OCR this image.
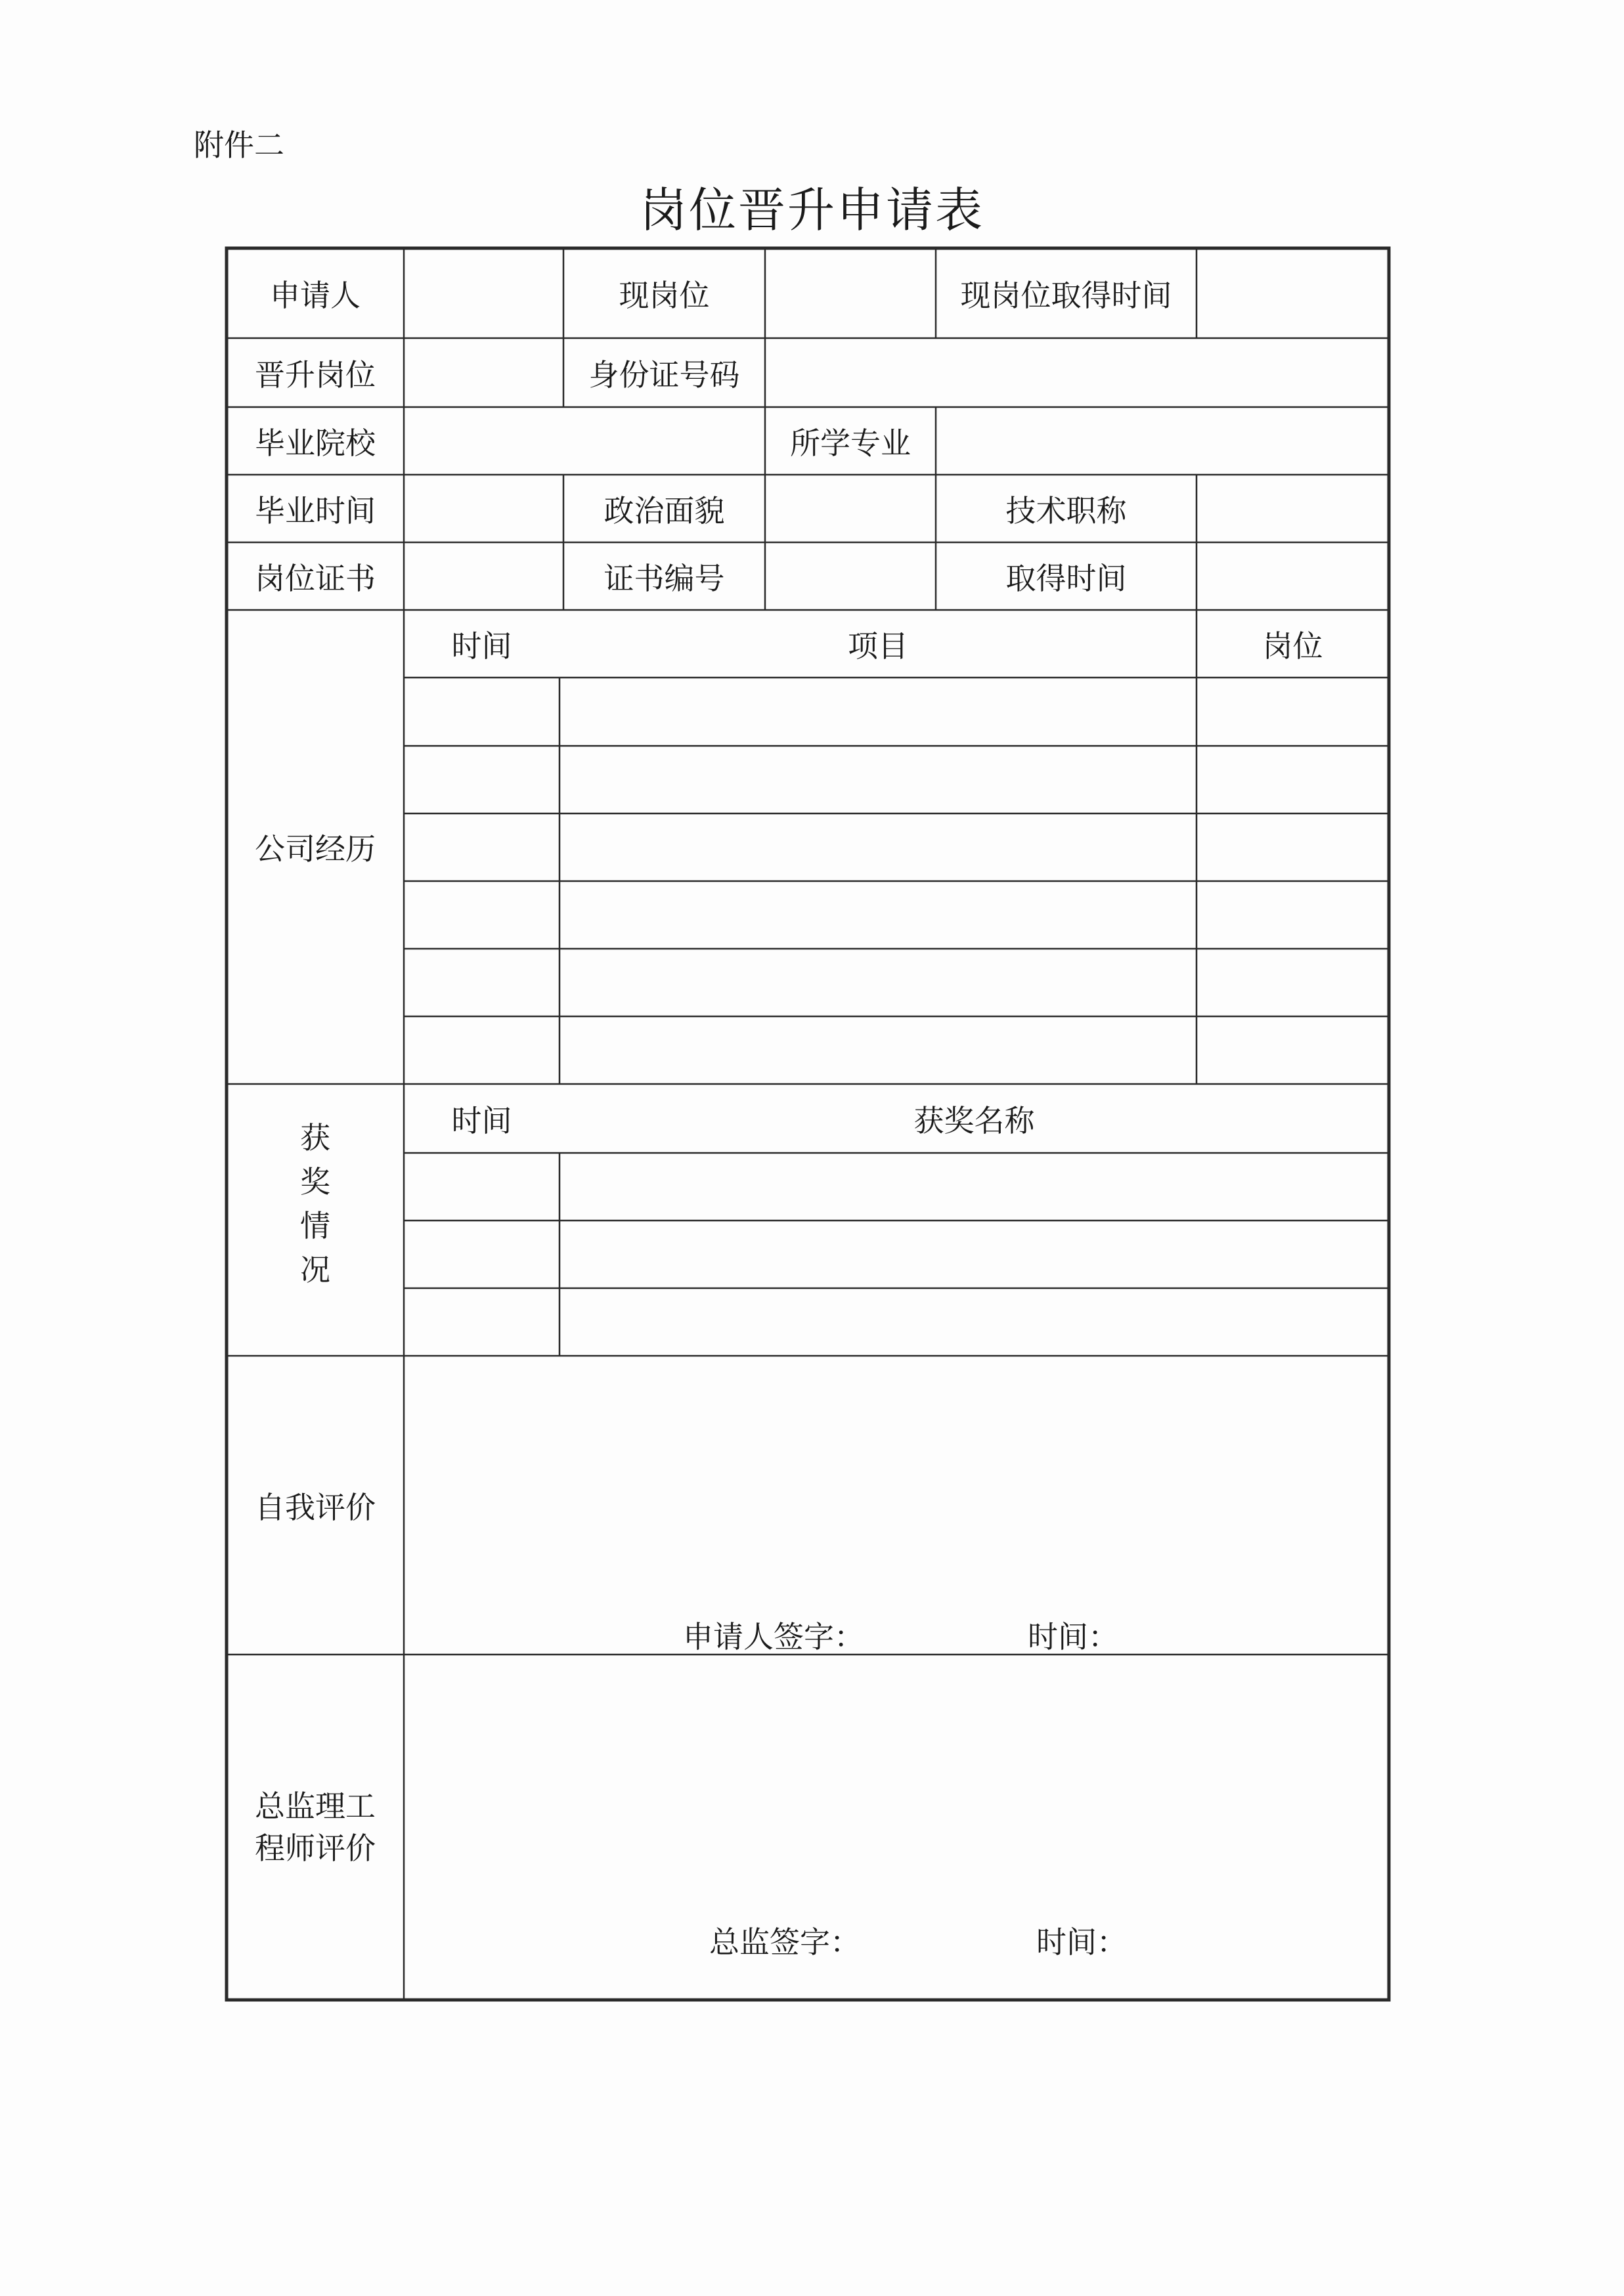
附件二
岗位晋升申请表
申请人	现岗位	现岗位取得时间
晋升岗位	身份证号码
毕业院校	所学专业
毕业时间	政治面貌	技术职称
岗位证书	证书编号	取得时间
公司经历
时间	项目	岗位
获
奖
情
况
时间	获奖名称
自我评价
申请人签字：	时间：
总监理工程师评价
总监签字：	时间：
